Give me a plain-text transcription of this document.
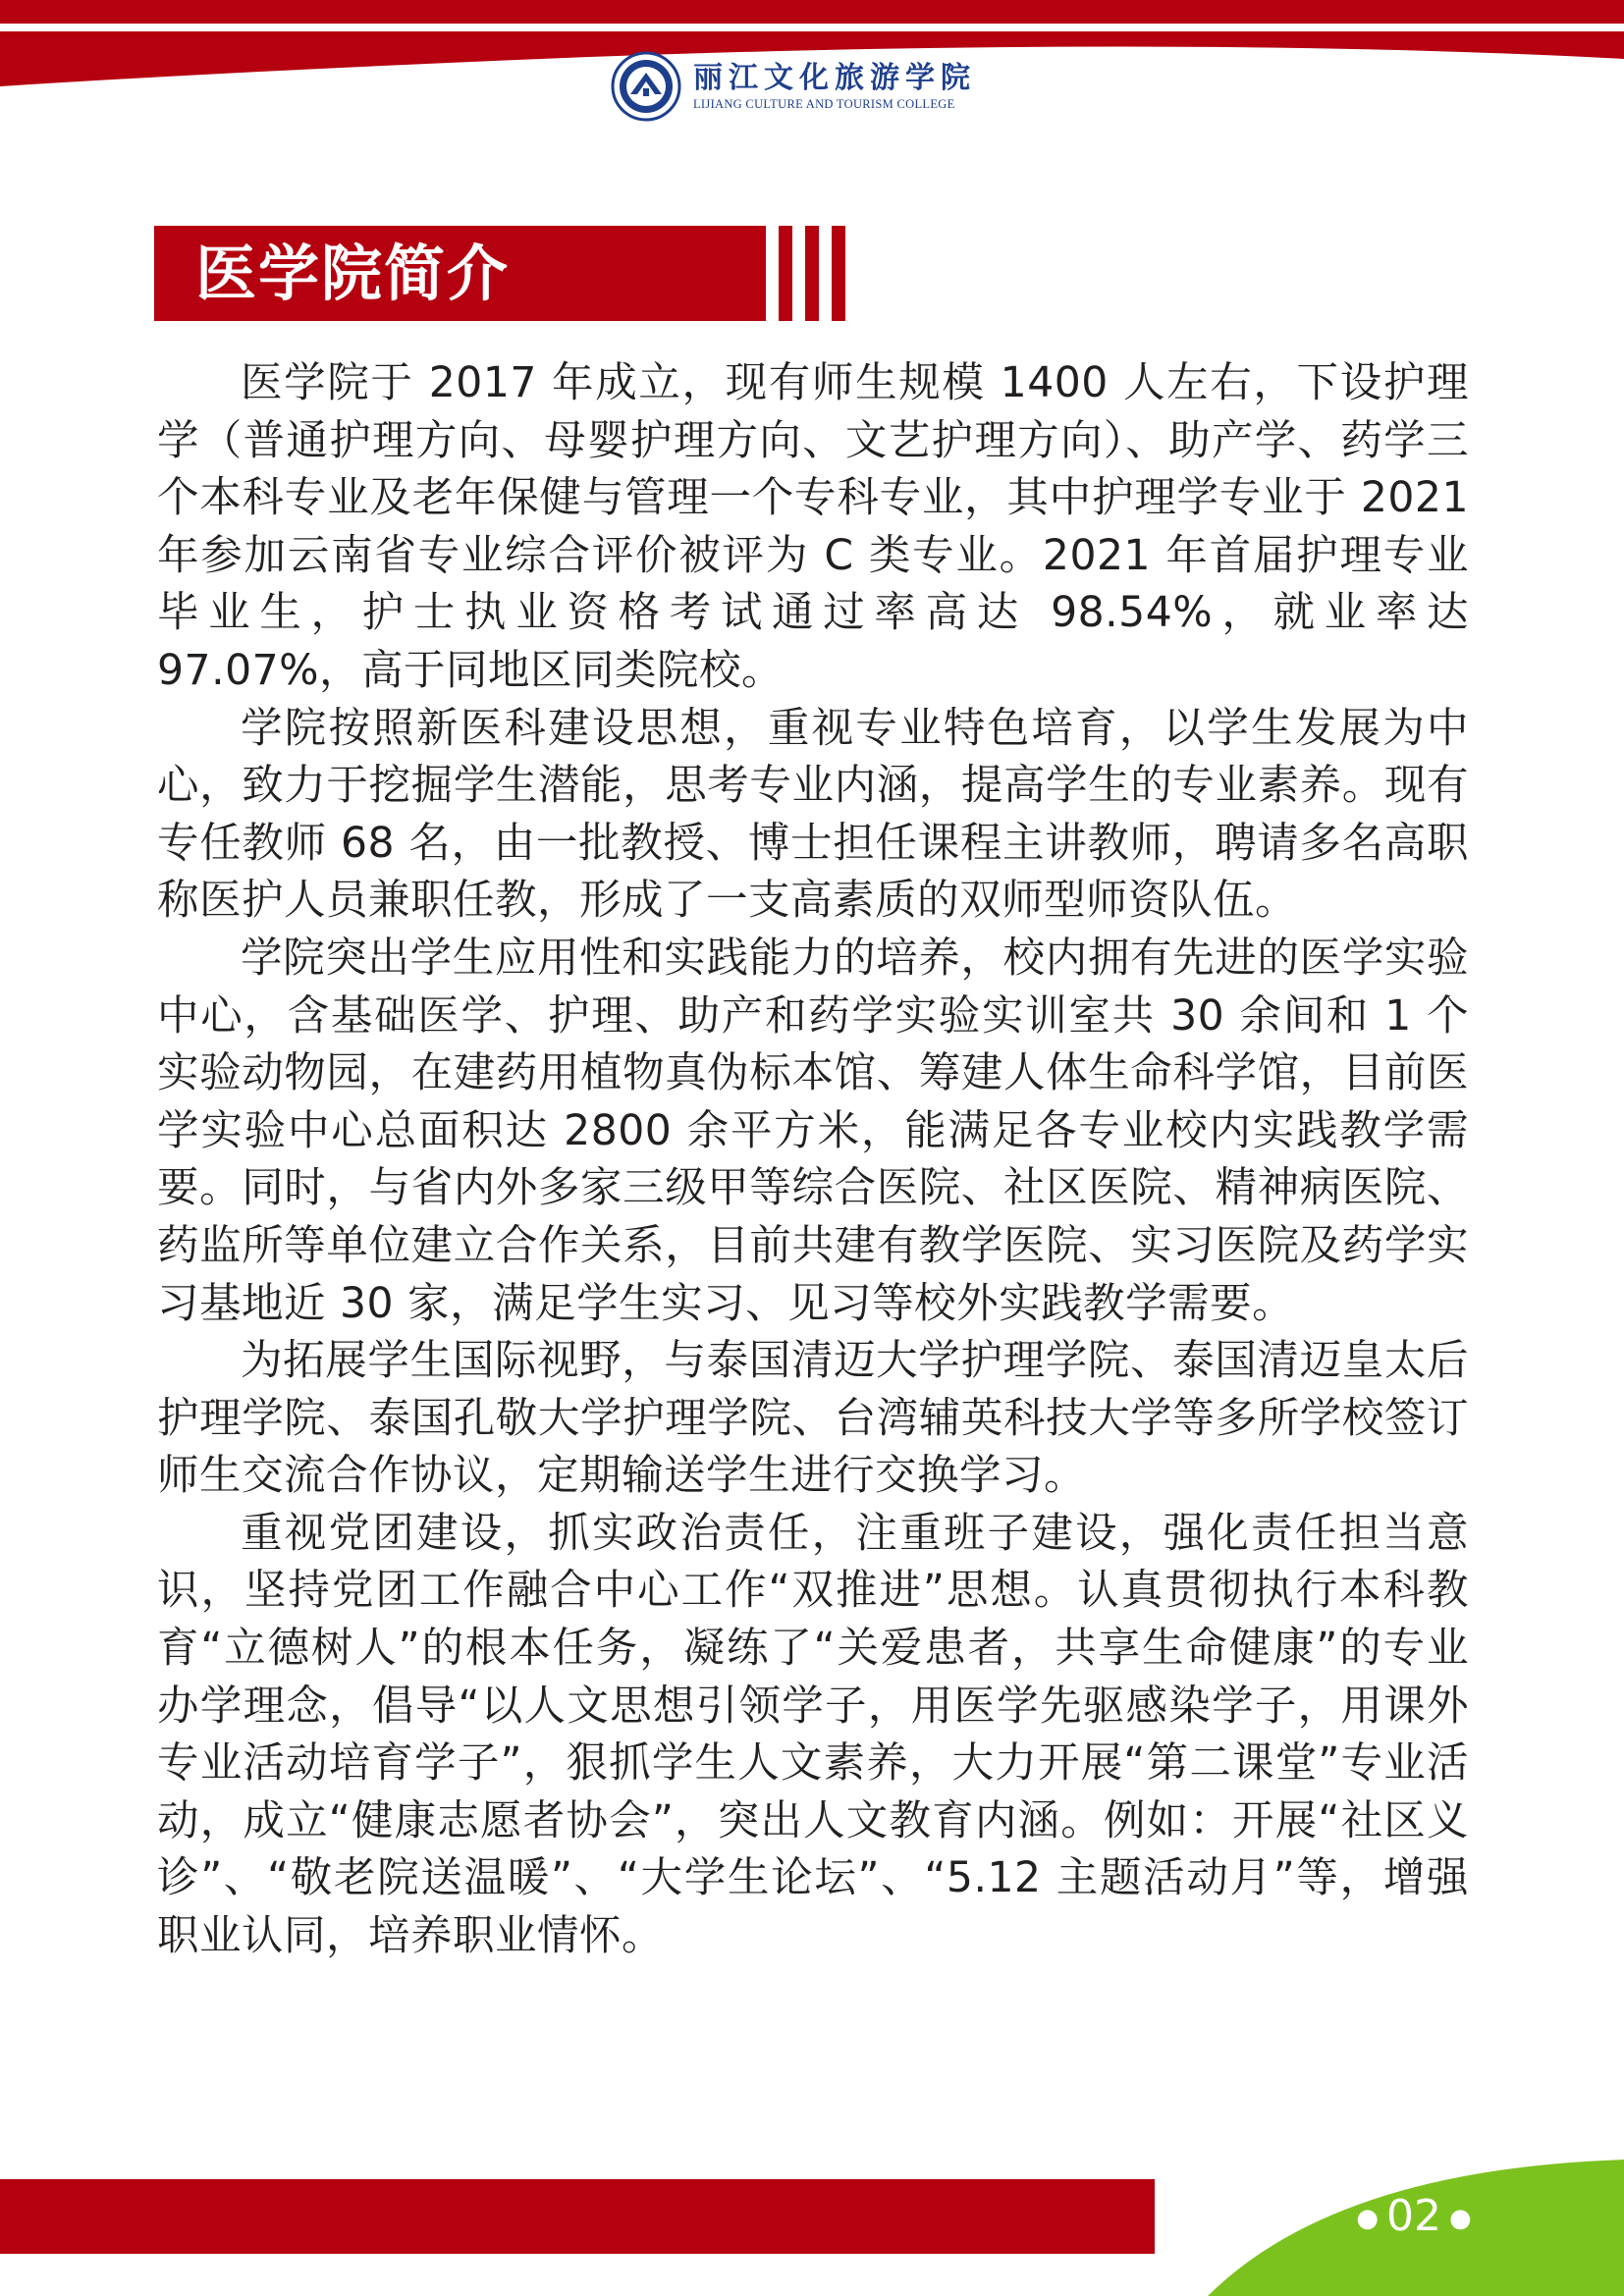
丽江文化旅游学院
LIJIANG CULTURE AND TOURISM COLLEGE
医学院简介

医学院于 2017 年成立，现有师生规模 1400 人左右，下设护理学（普通护理方向、母婴护理方向、文艺护理方向）、助产学、药学三个本科专业及老年保健与管理一个专科专业，其中护理学专业于 2021 年参加云南省专业综合评价被评为 C 类专业。2021 年首届护理专业毕业生，护士执业资格考试通过率高达 98.54%，就业率达 97.07%，高于同地区同类院校。

学院按照新医科建设思想，重视专业特色培育，以学生发展为中心，致力于挖掘学生潜能，思考专业内涵，提高学生的专业素养。现有专任教师 68 名，由一批教授、博士担任课程主讲教师，聘请多名高职称医护人员兼职任教，形成了一支高素质的双师型师资队伍。

学院突出学生应用性和实践能力的培养，校内拥有先进的医学实验中心，含基础医学、护理、助产和药学实验实训室共 30 余间和 1 个实验动物园，在建药用植物真伪标本馆、筹建人体生命科学馆，目前医学实验中心总面积达 2800 余平方米，能满足各专业校内实践教学需要。同时，与省内外多家三级甲等综合医院、社区医院、精神病医院、药监所等单位建立合作关系，目前共建有教学医院、实习医院及药学实习基地近 30 家，满足学生实习、见习等校外实践教学需要。

为拓展学生国际视野，与泰国清迈大学护理学院、泰国清迈皇太后护理学院、泰国孔敬大学护理学院、台湾辅英科技大学等多所学校签订师生交流合作协议，定期输送学生进行交换学习。

重视党团建设，抓实政治责任，注重班子建设，强化责任担当意识，坚持党团工作融合中心工作“双推进”思想。认真贯彻执行本科教育“立德树人”的根本任务，凝练了“关爱患者，共享生命健康”的专业办学理念，倡导“以人文思想引领学子，用医学先驱感染学子，用课外专业活动培育学子”，狠抓学生人文素养，大力开展“第二课堂”专业活动，成立“健康志愿者协会”，突出人文教育内涵。例如：开展“社区义诊”、“敬老院送温暖”、“大学生论坛”、“5.12 主题活动月”等，增强职业认同，培养职业情怀。

● 02 ●
